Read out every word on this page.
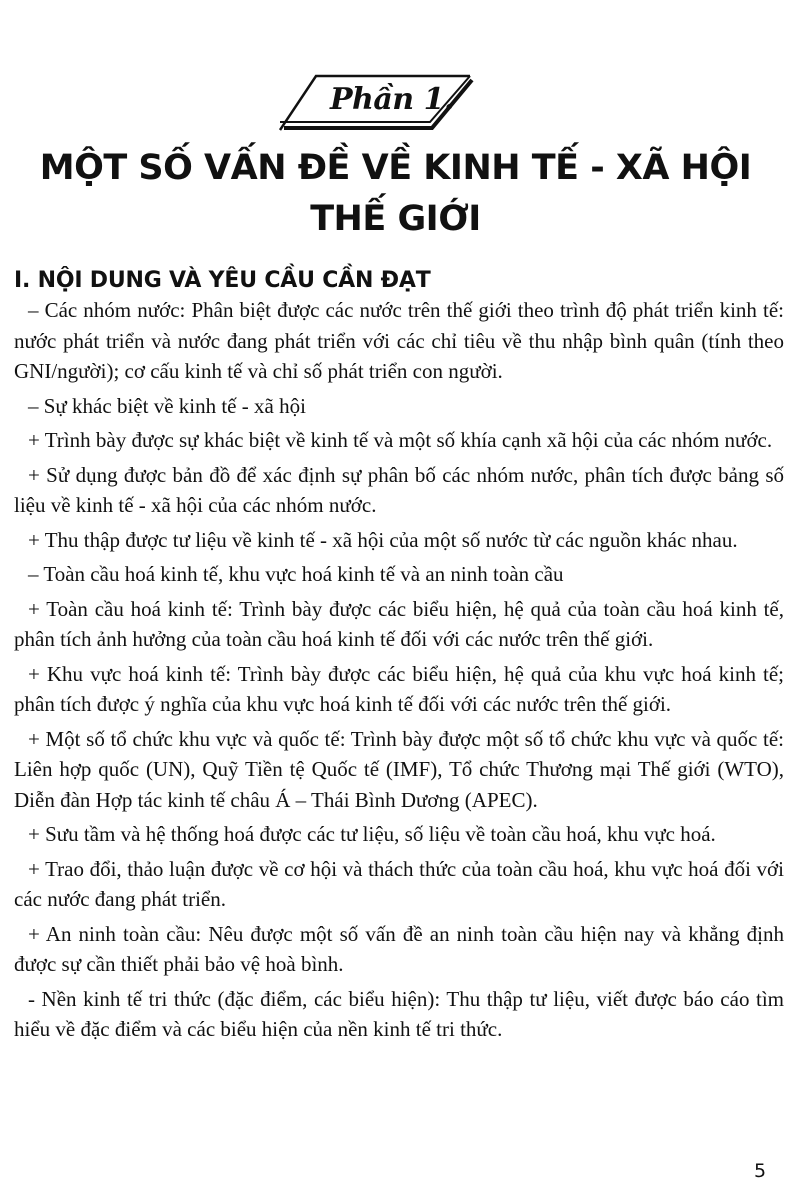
Phần 1.
MỘT SỐ VẤN ĐỀ VỀ KINH TẾ - XÃ HỘI
THẾ GIỚI
I. NỘI DUNG VÀ YÊU CẦU CẦN ĐẠT

– Các nhóm nước: Phân biệt được các nước trên thế giới theo trình độ phát triển kinh tế: nước phát triển và nước đang phát triển với các chỉ tiêu về thu nhập bình quân (tính theo GNI/người); cơ cấu kinh tế và chỉ số phát triển con người.

– Sự khác biệt về kinh tế - xã hội

+ Trình bày được sự khác biệt về kinh tế và một số khía cạnh xã hội của các nhóm nước.

+ Sử dụng được bản đồ để xác định sự phân bố các nhóm nước, phân tích được bảng số liệu về kinh tế - xã hội của các nhóm nước.

+ Thu thập được tư liệu về kinh tế - xã hội của một số nước từ các nguồn khác nhau.

– Toàn cầu hoá kinh tế, khu vực hoá kinh tế và an ninh toàn cầu

+ Toàn cầu hoá kinh tế: Trình bày được các biểu hiện, hệ quả của toàn cầu hoá kinh tế, phân tích ảnh hưởng của toàn cầu hoá kinh tế đối với các nước trên thế giới.

+ Khu vực hoá kinh tế: Trình bày được các biểu hiện, hệ quả của khu vực hoá kinh tế; phân tích được ý nghĩa của khu vực hoá kinh tế đối với các nước trên thế giới.

+ Một số tổ chức khu vực và quốc tế: Trình bày được một số tổ chức khu vực và quốc tế: Liên hợp quốc (UN), Quỹ Tiền tệ Quốc tế (IMF), Tổ chức Thương mại Thế giới (WTO), Diễn đàn Hợp tác kinh tế châu Á – Thái Bình Dương (APEC).

+ Sưu tầm và hệ thống hoá được các tư liệu, số liệu về toàn cầu hoá, khu vực hoá.

+ Trao đổi, thảo luận được về cơ hội và thách thức của toàn cầu hoá, khu vực hoá đối với các nước đang phát triển.

+ An ninh toàn cầu: Nêu được một số vấn đề an ninh toàn cầu hiện nay và khẳng định được sự cần thiết phải bảo vệ hoà bình.

- Nền kinh tế tri thức (đặc điểm, các biểu hiện): Thu thập tư liệu, viết được báo cáo tìm hiểu về đặc điểm và các biểu hiện của nền kinh tế tri thức.

5
